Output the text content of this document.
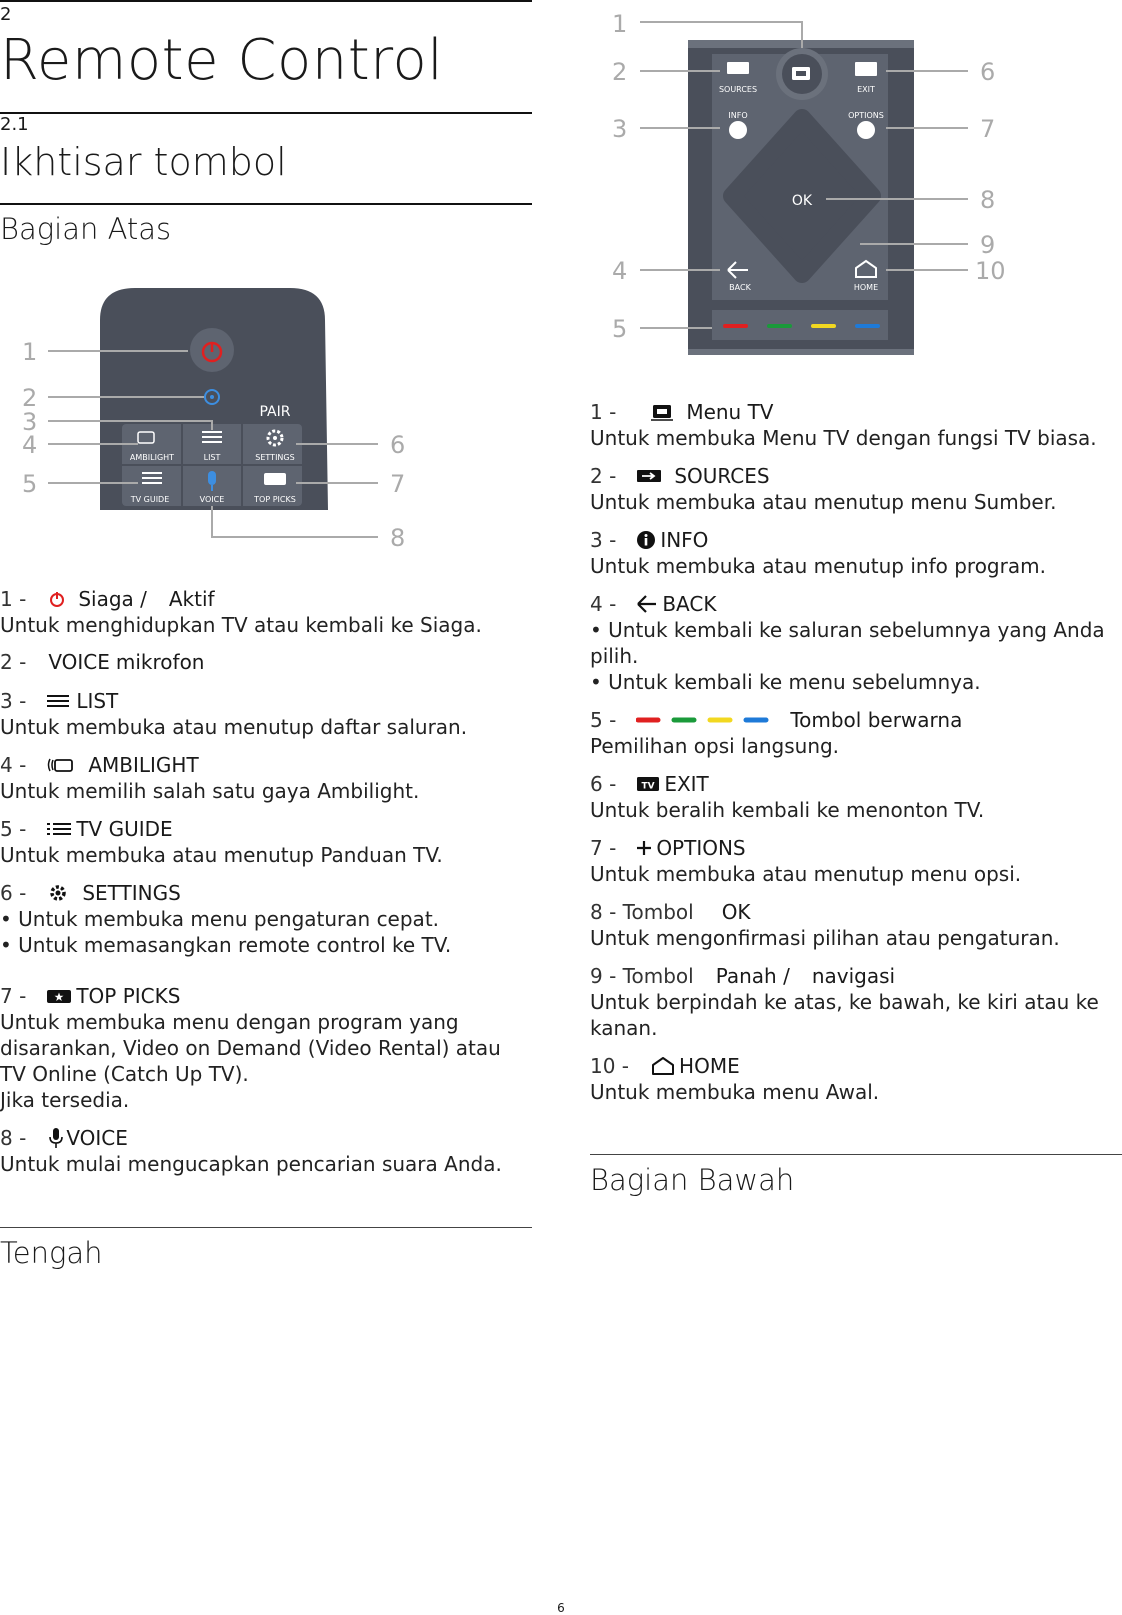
2
Remote Control
2.1
Ikhtisar tombol
Bagian Atas
PAIR
AMBILIGHT	LIST	SETTINGS
TV GUIDE	VOICE	TOP PICKS
1
2
3
4
5
6
7
8
1 -	Siaga / Aktif
Untuk menghidupkan TV atau kembali ke Siaga.
2 - VOICE mikrofon
3 -	LIST
Untuk membuka atau menutup daftar saluran.
4 -	AMBILIGHT
Untuk memilih salah satu gaya Ambilight.
5 -	TV GUIDE
Untuk membuka atau menutup Panduan TV.
6 -	SETTINGS
• Untuk membuka menu pengaturan cepat.
• Untuk memasangkan remote control ke TV.
7 -	TOP PICKS
Untuk membuka menu dengan program yang disarankan, Video on Demand (Video Rental) atau TV Online (Catch Up TV).
Jika tersedia.
8 - VOICE
Untuk mulai mengucapkan pencarian suara Anda.
Tengah
OK
SOURCES	EXIT
INFO	OPTIONS
BACK	HOME
1
2
3
4
5
6
7
8
9
10
1 -	Menu TV
Untuk membuka Menu TV dengan fungsi TV biasa.
2 -	SOURCES
Untuk membuka atau menutup menu Sumber.
3 - INFO
Untuk membuka atau menutup info program.
4 - BACK
• Untuk kembali ke saluran sebelumnya yang Anda pilih.
• Untuk kembali ke menu sebelumnya.
5 -	Tombol berwarna
Pemilihan opsi langsung.
6 -	TV EXIT
Untuk beralih kembali ke menonton TV.
7 - OPTIONS
Untuk membuka atau menutup menu opsi.
8 - Tombol OK
Untuk mengonfirmasi pilihan atau pengaturan.
9 - Tombol Panah / navigasi
Untuk berpindah ke atas, ke bawah, ke kiri atau ke kanan.
10 -	HOME
Untuk membuka menu Awal.
Bagian Bawah
6
